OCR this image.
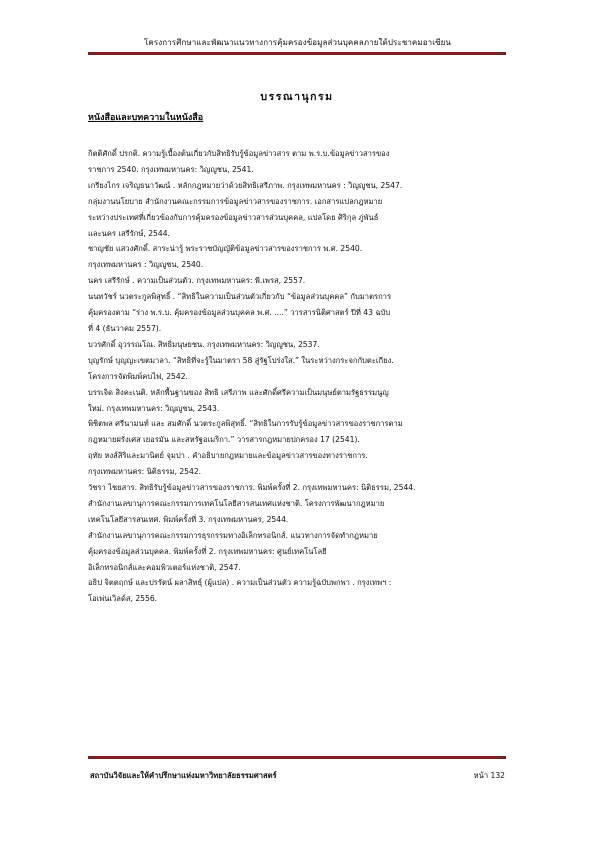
โครงการศึกษาและพัฒนาแนวทางการคุ้มครองข้อมูลส่วนบุคคลภายใต้ประชาคมอาเซียน
บรรณานุกรม
หนังสือและบทความในหนังสือ

กิตติศักดิ์ ปรกติ. ความรู้เบื้องต้นเกี่ยวกับสิทธิรับรู้ข้อมูลข่าวสาร ตาม พ.ร.บ.ข้อมูลข่าวสารของ
ราชการ 2540. กรุงเทพมหานคร: วิญญูชน, 2541.

เกรียงไกร เจริญธนาวัฒน์ . หลักกฎหมายว่าด้วยสิทธิเสรีภาพ. กรุงเทพมหานคร : วิญญูชน, 2547.

กลุ่มงานนโยบาย สำนักงานคณะกรรมการข้อมูลข่าวสารของราชการ. เอกสารแปลกฎหมาย
ระหว่างประเทศที่เกี่ยวข้องกับการคุ้มครองข้อมูลข่าวสารส่วนบุคคล, แปลโดย ศิริกุล ภู่พันธ์
และนคร เสรีรักษ์, 2544.

ชาญชัย แสวงศักดิ์. สาระน่ารู้ พระราชบัญญัติข้อมูลข่าวสารของราชการ พ.ศ. 2540.
กรุงเทพมหานคร : วิญญูชน, 2540.

นคร เสรีรักษ์ . ความเป็นส่วนตัว. กรุงเทพมหานคร: พี.เพรส, 2557.

นนทวัชร์ นวตระกูลพิสุทธิ์ . “สิทธิในความเป็นส่วนตัวเกี่ยวกับ “ข้อมูลส่วนบุคคล” กับมาตรการ
คุ้มครองตาม “ร่าง พ.ร.บ. คุ้มครองข้อมูลส่วนบุคคล พ.ศ. ....” วารสารนิติศาสตร์ ปีที่ 43 ฉบับ
ที่ 4 (ธันวาคม 2557).

บวรศักดิ์ อุวรรณโณ. สิทธิมนุษยชน. กรุงเทพมหานคร: วิญญูชน, 2537.

บุญรักษ์ บุญญะเขตมาลา. “สิทธิที่จะรู้ในมาตรา 58 สู่รัฐโปร่งใส.” ในระหว่างกระจกกับตะเกียง.
โครงการจัดพิมพ์คบไฟ, 2542.

บรรเจิด สิงคะเนติ. หลักพื้นฐานของ สิทธิ เสรีภาพ และศักดิ์ศรีความเป็นมนุษย์ตามรัฐธรรมนูญ
ใหม่. กรุงเทพมหานคร: วิญญูชน, 2543.

พิชิตพล ศรีนามนท์ และ สมศักดิ์ นวตระกูลพิสุทธิ์. “สิทธิในการรับรู้ข้อมูลข่าวสารของราชการตาม
กฎหมายฝรั่งเศส เยอรมัน และสหรัฐอเมริกา.” วารสารกฎหมายปกครอง 17 (2541).

ฤทัย หงส์สิริและมานิตย์ จุมปา . คำอธิบายกฎหมายและข้อมูลข่าวสารของทางราชการ.
กรุงเทพมหานคร: นิติธรรม, 2542.

วัชรา ไชยสาร. สิทธิรับรู้ข้อมูลข่าวสารของราชการ. พิมพ์ครั้งที่ 2. กรุงเทพมหานคร: นิติธรรม, 2544.

สำนักงานเลขานุการคณะกรรมการเทคโนโลยีสารสนเทศแห่งชาติ. โครงการพัฒนากฎหมาย
เทคโนโลยีสารสนเทศ. พิมพ์ครั้งที่ 3. กรุงเทพมหานคร, 2544.

สำนักงานเลขานุการคณะกรรมการธุรกรรมทางอิเล็กทรอนิกส์. แนวทางการจัดทำกฎหมาย
คุ้มครองข้อมูลส่วนบุคคล. พิมพ์ครั้งที่ 2. กรุงเทพมหานคร: ศูนย์เทคโนโลยี
อิเล็กทรอนิกส์และคอมพิวเตอร์แห่งชาติ, 2547.

อธิป จิตตฤกษ์ และปรรัตน์ ผลาสิทธุ์ (ผู้แปล) . ความเป็นส่วนตัว ความรู้ฉบับพกพา . กรุงเทพฯ :
โอเพ่นเวิลด์ส, 2556.

สถาบันวิจัยและให้คำปรึกษาแห่งมหาวิทยาลัยธรรมศาสตร์	หน้า 132
